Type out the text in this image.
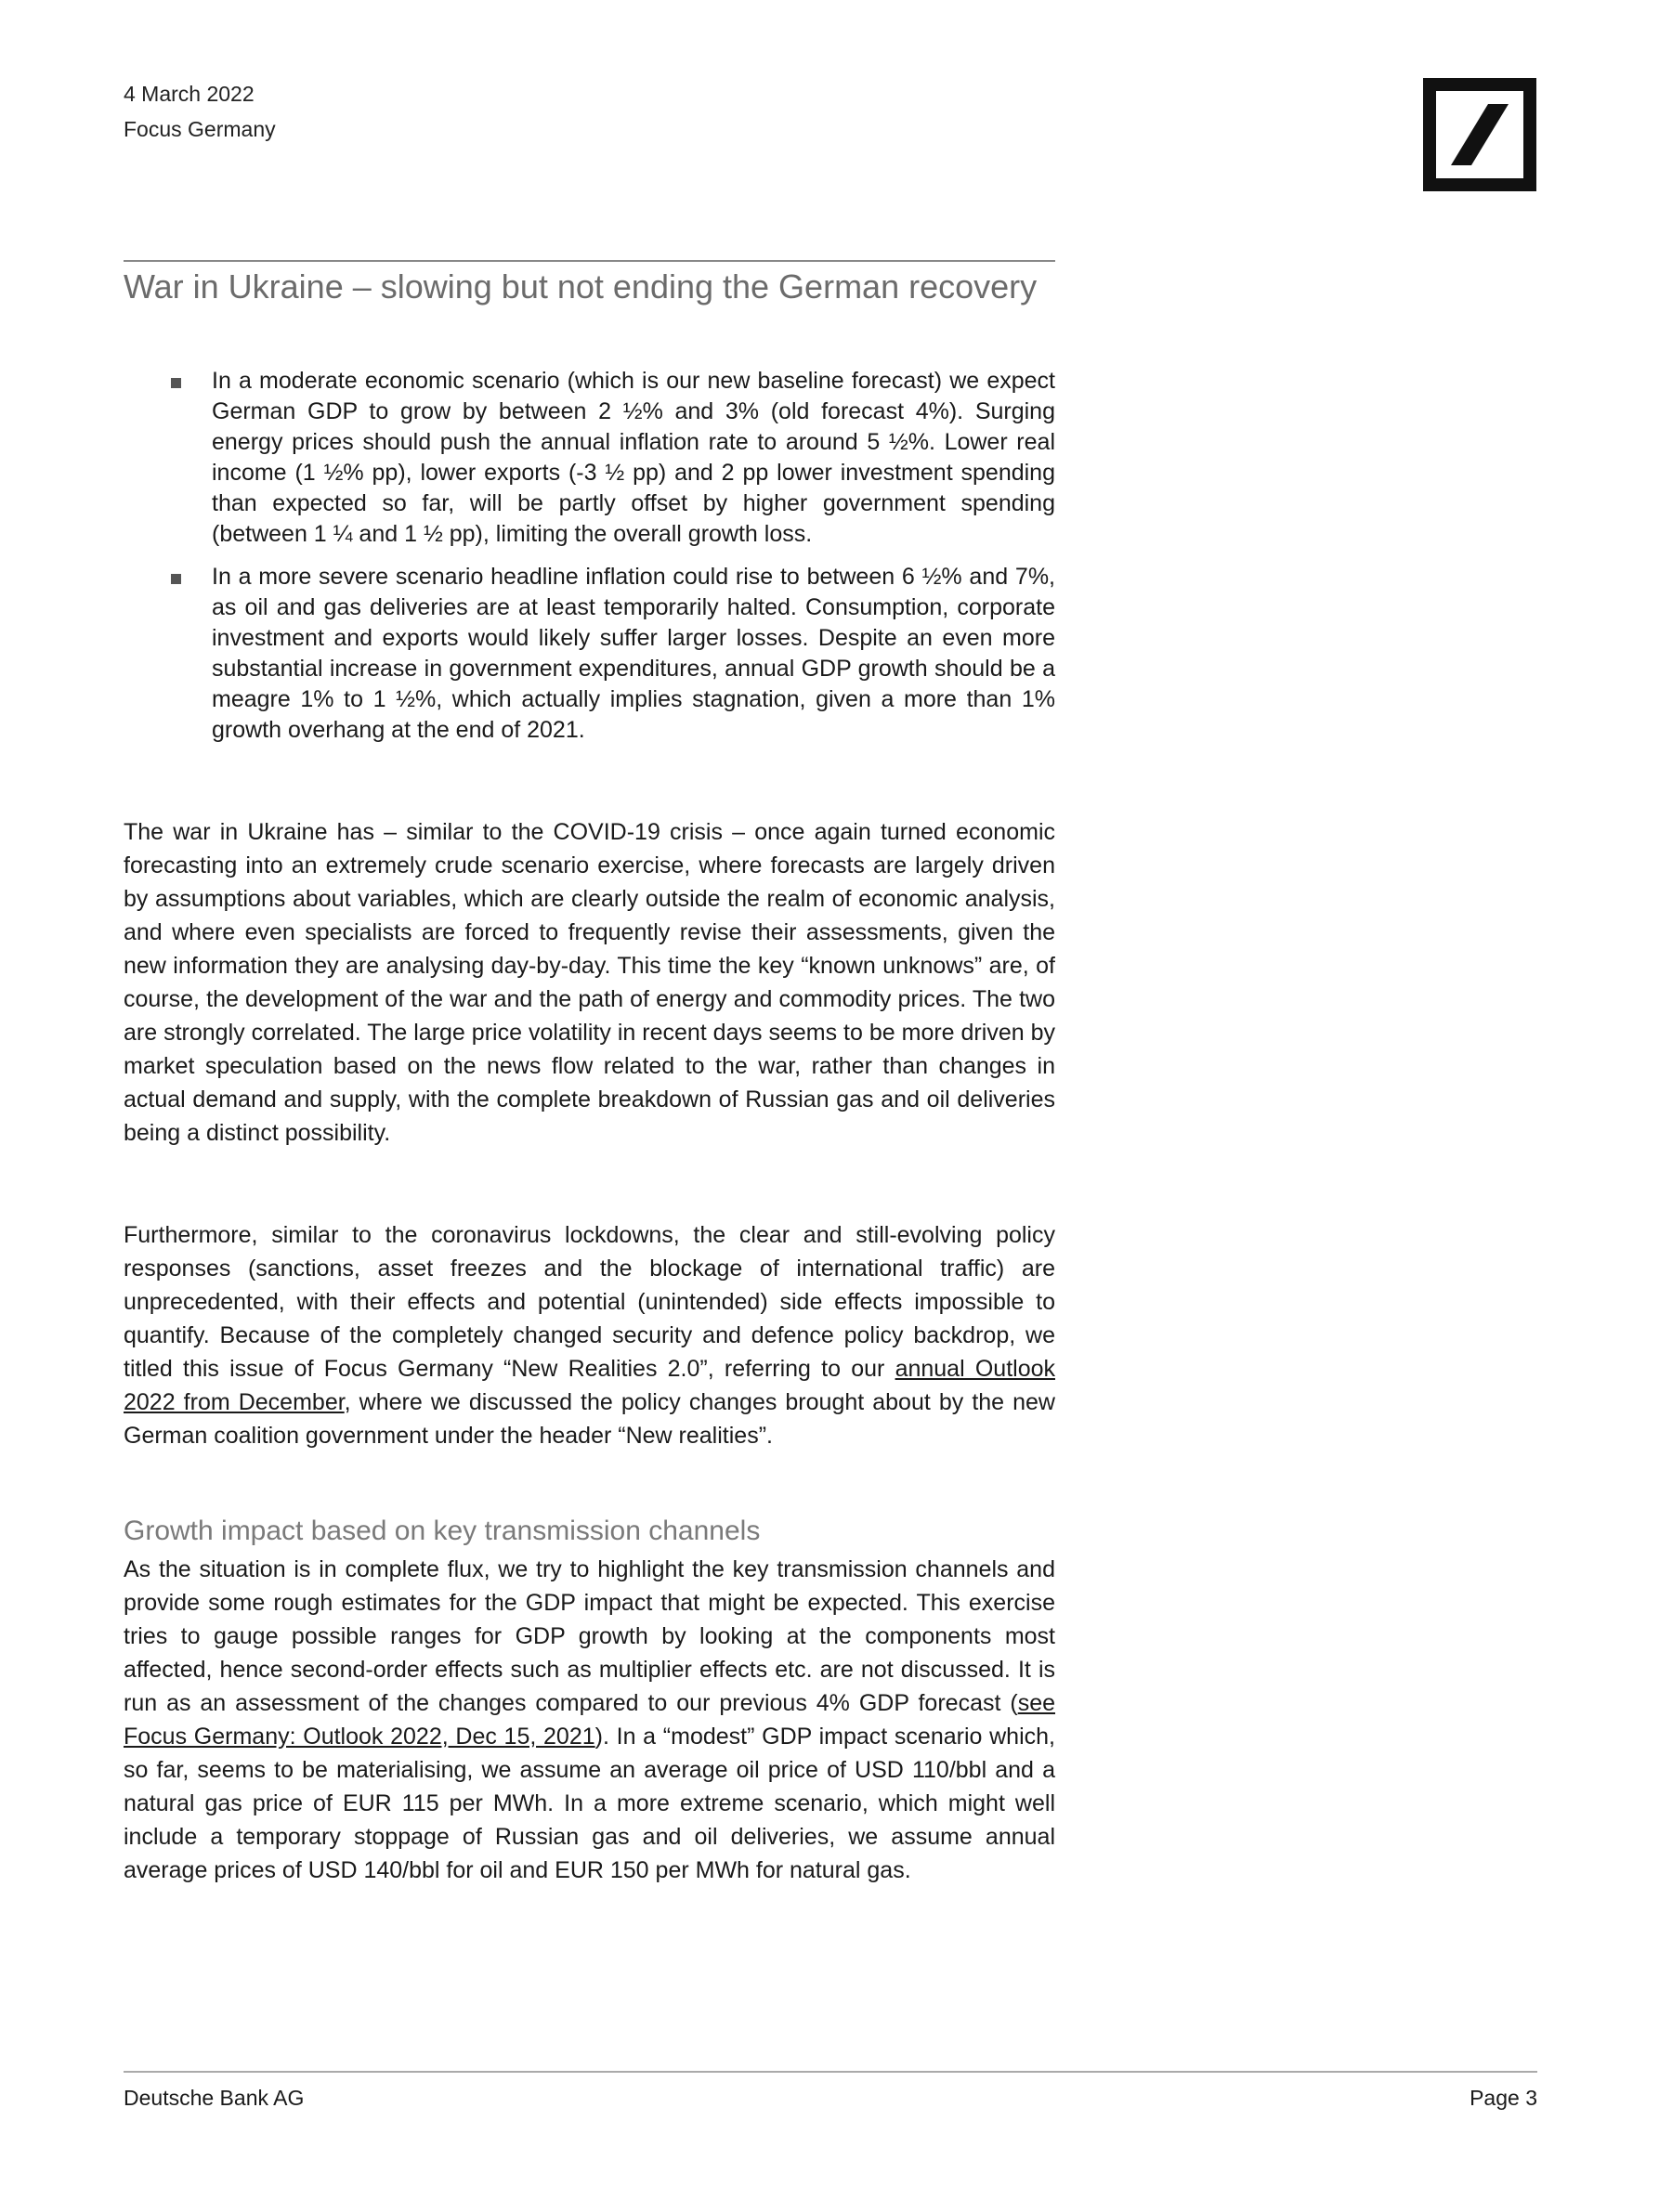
4 March 2022
Focus Germany
War in Ukraine – slowing but not ending the German recovery
In a moderate economic scenario (which is our new baseline forecast) we expect German GDP to grow by between 2 ½% and 3% (old forecast 4%). Surging energy prices should push the annual inflation rate to around 5 ½%. Lower real income (1 ½% pp), lower exports (-3 ½ pp) and 2 pp lower investment spending than expected so far, will be partly offset by higher government spending (between 1 ¼ and 1 ½ pp), limiting the overall growth loss.
In a more severe scenario headline inflation could rise to between 6 ½% and 7%, as oil and gas deliveries are at least temporarily halted. Consumption, corporate investment and exports would likely suffer larger losses. Despite an even more substantial increase in government expenditures, annual GDP growth should be a meagre 1% to 1 ½%, which actually implies stagnation, given a more than 1% growth overhang at the end of 2021.

The war in Ukraine has – similar to the COVID-19 crisis – once again turned economic forecasting into an extremely crude scenario exercise, where forecasts are largely driven by assumptions about variables, which are clearly outside the realm of economic analysis, and where even specialists are forced to frequently revise their assessments, given the new information they are analysing day-by-day. This time the key “known unknows” are, of course, the development of the war and the path of energy and commodity prices. The two are strongly correlated. The large price volatility in recent days seems to be more driven by market speculation based on the news flow related to the war, rather than changes in actual demand and supply, with the complete breakdown of Russian gas and oil deliveries being a distinct possibility.

Furthermore, similar to the coronavirus lockdowns, the clear and still-evolving policy responses (sanctions, asset freezes and the blockage of international traffic) are unprecedented, with their effects and potential (unintended) side effects impossible to quantify. Because of the completely changed security and defence policy backdrop, we titled this issue of Focus Germany “New Realities 2.0”, referring to our annual Outlook 2022 from December, where we discussed the policy changes brought about by the new German coalition government under the header “New realities”.

Growth impact based on key transmission channels

As the situation is in complete flux, we try to highlight the key transmission channels and provide some rough estimates for the GDP impact that might be expected. This exercise tries to gauge possible ranges for GDP growth by looking at the components most affected, hence second-order effects such as multiplier effects etc. are not discussed. It is run as an assessment of the changes compared to our previous 4% GDP forecast (see Focus Germany: Outlook 2022, Dec 15, 2021). In a “modest” GDP impact scenario which, so far, seems to be materialising, we assume an average oil price of USD 110/bbl and a natural gas price of EUR 115 per MWh. In a more extreme scenario, which might well include a temporary stoppage of Russian gas and oil deliveries, we assume annual average prices of USD 140/bbl for oil and EUR 150 per MWh for natural gas.

Deutsche Bank AG	Page 3
